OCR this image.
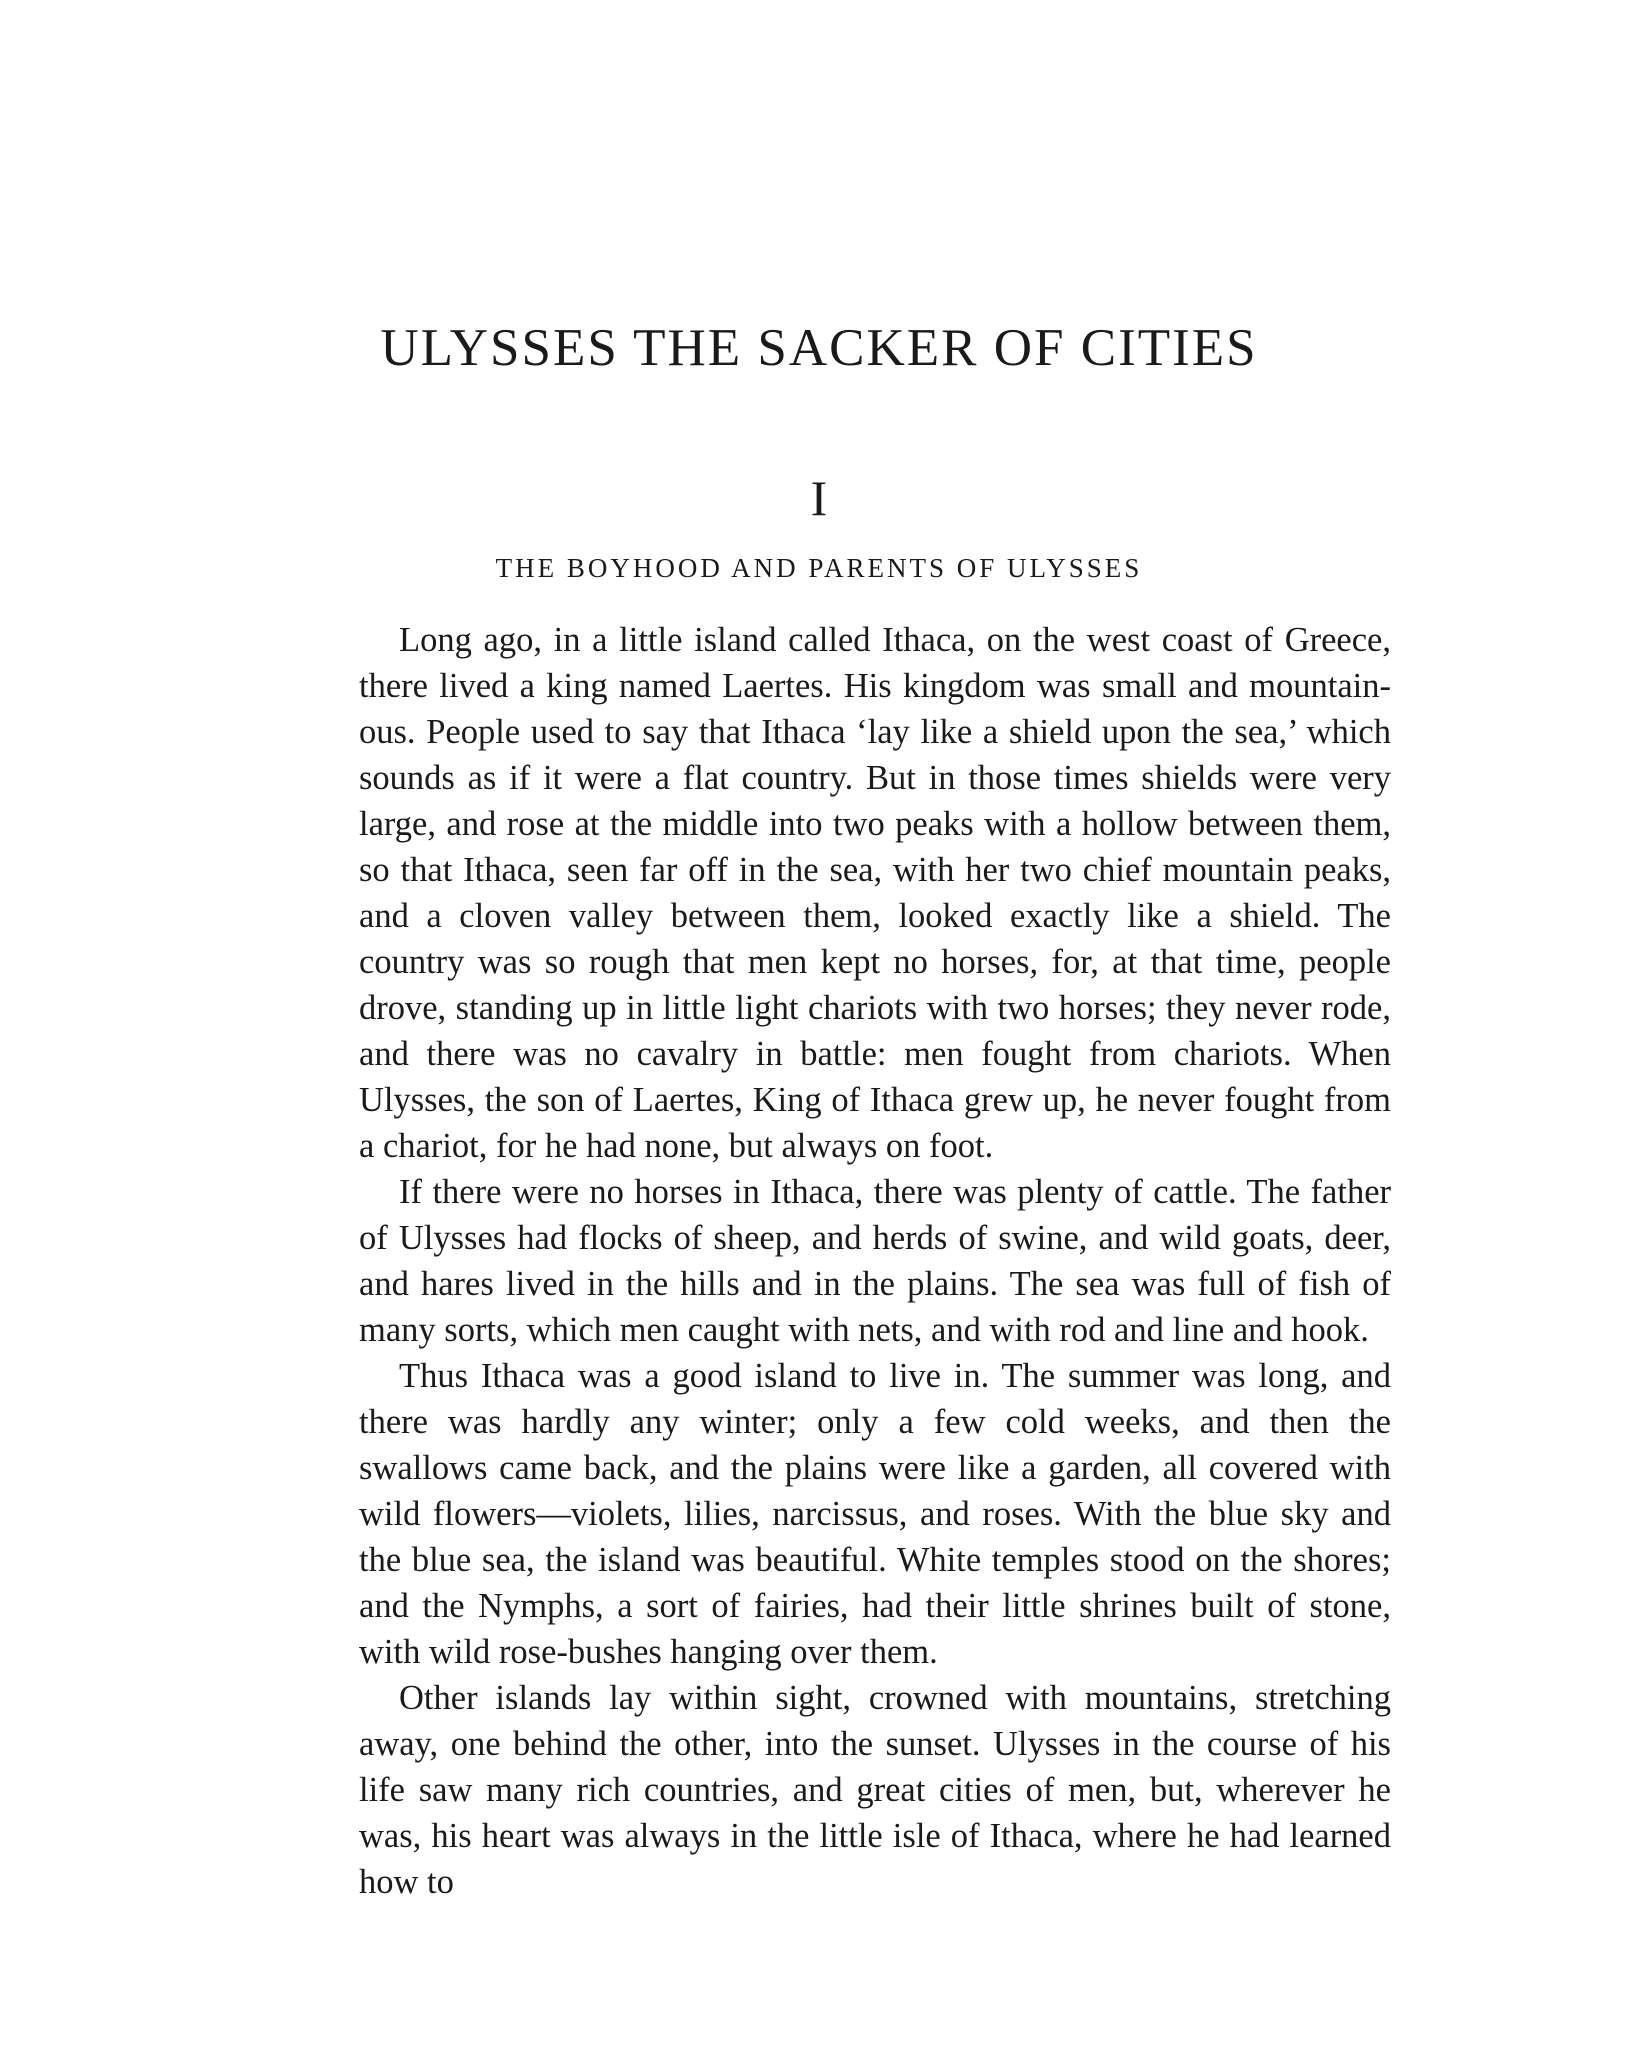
ULYSSES THE SACKER OF CITIES
I
THE BOYHOOD AND PARENTS OF ULYSSES

Long ago, in a little island called Ithaca, on the west coast of Greece, there lived a king named Laertes. His kingdom was small and mountainous. People used to say that Ithaca ‘lay like a shield upon the sea,’ which sounds as if it were a flat country. But in those times shields were very large, and rose at the middle into two peaks with a hollow between them, so that Ithaca, seen far off in the sea, with her two chief mountain peaks, and a cloven valley between them, looked exactly like a shield. The country was so rough that men kept no horses, for, at that time, people drove, standing up in little light chariots with two horses; they never rode, and there was no cavalry in battle: men fought from chariots. When Ulysses, the son of Laertes, King of Ithaca grew up, he never fought from a chariot, for he had none, but always on foot.

If there were no horses in Ithaca, there was plenty of cattle. The father of Ulysses had flocks of sheep, and herds of swine, and wild goats, deer, and hares lived in the hills and in the plains. The sea was full of fish of many sorts, which men caught with nets, and with rod and line and hook.

Thus Ithaca was a good island to live in. The summer was long, and there was hardly any winter; only a few cold weeks, and then the swallows came back, and the plains were like a garden, all covered with wild flowers—violets, lilies, narcissus, and roses. With the blue sky and the blue sea, the island was beautiful. White temples stood on the shores; and the Nymphs, a sort of fairies, had their little shrines built of stone, with wild rose-bushes hanging over them.

Other islands lay within sight, crowned with mountains, stretching away, one behind the other, into the sunset. Ulysses in the course of his life saw many rich countries, and great cities of men, but, wherever he was, his heart was always in the little isle of Ithaca, where he had learned how to
